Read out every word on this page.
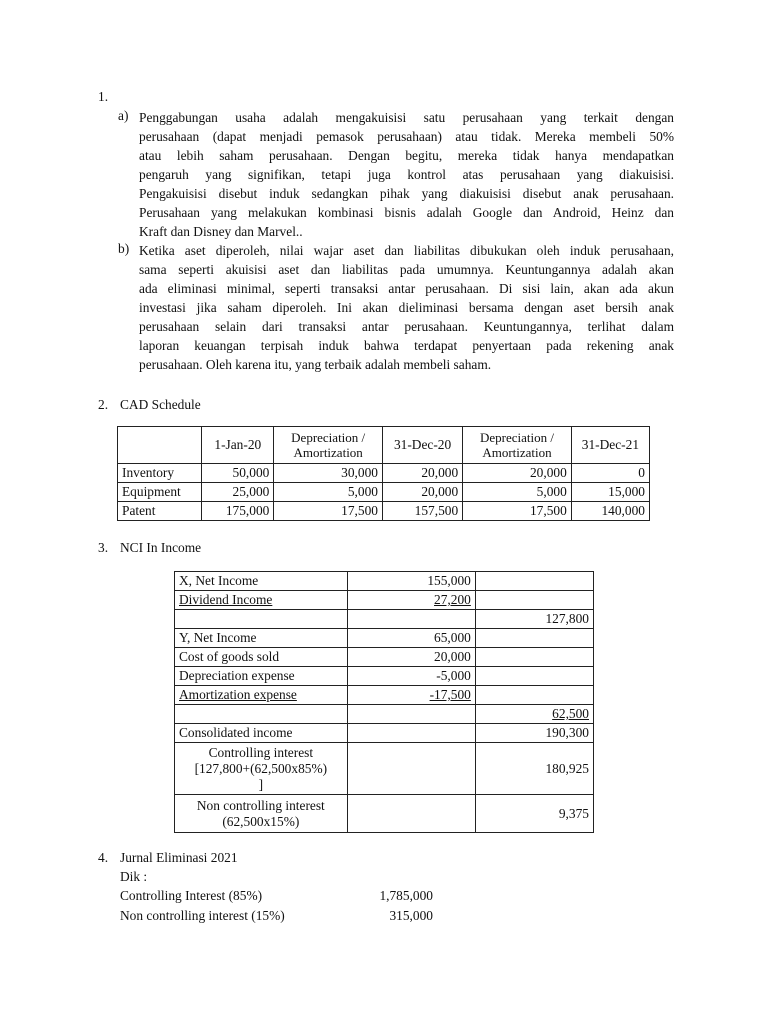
1.
a) Penggabungan usaha adalah mengakuisisi satu perusahaan yang terkait dengan
perusahaan (dapat menjadi pemasok perusahaan) atau tidak. Mereka membeli 50%
atau lebih saham perusahaan. Dengan begitu, mereka tidak hanya mendapatkan
pengaruh yang signifikan, tetapi juga kontrol atas perusahaan yang diakuisisi.
Pengakuisisi disebut induk sedangkan pihak yang diakuisisi disebut anak perusahaan.
Perusahaan yang melakukan kombinasi bisnis adalah Google dan Android, Heinz dan
Kraft dan Disney dan Marvel..
b) Ketika aset diperoleh, nilai wajar aset dan liabilitas dibukukan oleh induk perusahaan,
sama seperti akuisisi aset dan liabilitas pada umumnya. Keuntungannya adalah akan
ada eliminasi minimal, seperti transaksi antar perusahaan. Di sisi lain, akan ada akun
investasi jika saham diperoleh. Ini akan dieliminasi bersama dengan aset bersih anak
perusahaan selain dari transaksi antar perusahaan. Keuntungannya, terlihat dalam
laporan keuangan terpisah induk bahwa terdapat penyertaan pada rekening anak
perusahaan. Oleh karena itu, yang terbaik adalah membeli saham.
2. CAD Schedule
	1-Jan-20	Depreciation / Amortization	31-Dec-20	Depreciation / Amortization	31-Dec-21
Inventory	50,000	30,000	20,000	20,000	0
Equipment	25,000	5,000	20,000	5,000	15,000
Patent	175,000	17,500	157,500	17,500	140,000
3. NCI In Income
X, Net Income	155,000	
Dividend Income	27,200	
		127,800
Y, Net Income	65,000	
Cost of goods sold	20,000	
Depreciation expense	-5,000	
Amortization expense	-17,500	
		62,500
Consolidated income		190,300

Controlling interest
[127,800+(62,500x85%)
]		180,925

Non controlling interest
(62,500x15%)		9,375
4. Jurnal Eliminasi 2021
Dik :
Controlling Interest (85%)	1,785,000
Non controlling interest (15%)	315,000
